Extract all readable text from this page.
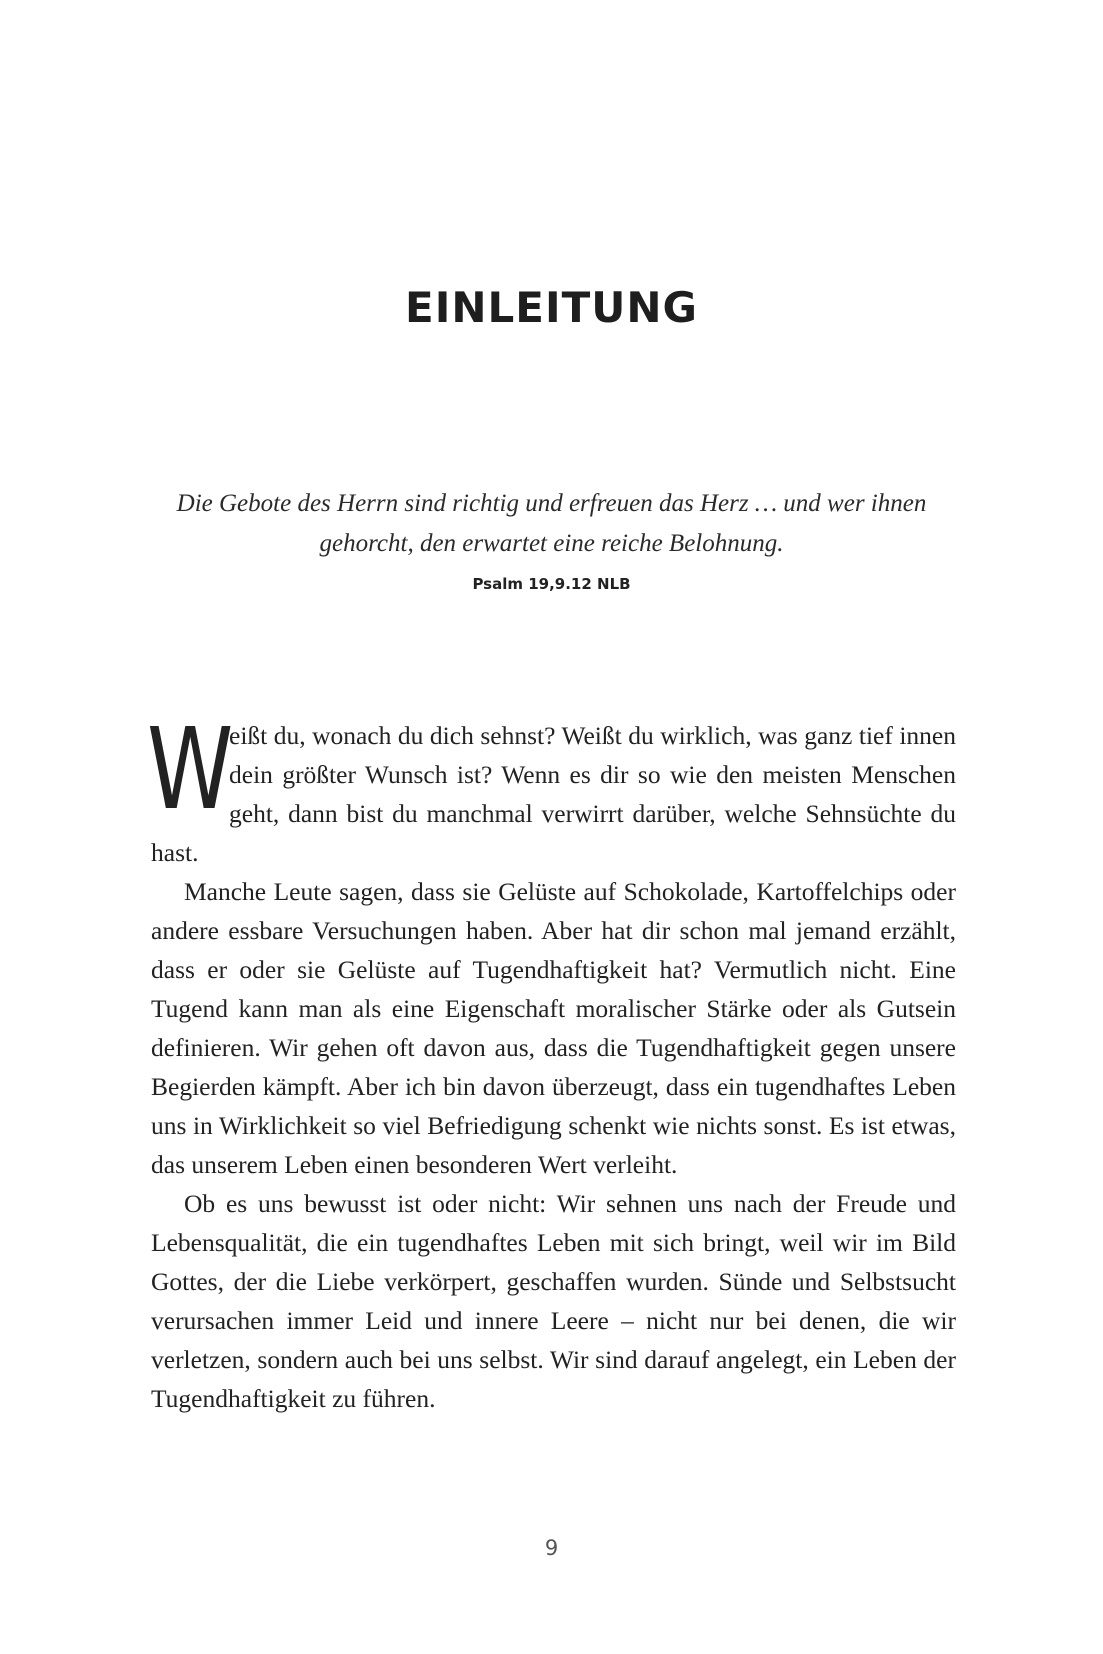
EINLEITUNG

Die Gebote des Herrn sind richtig und erfreuen das Herz … und wer ihnen gehorcht, den erwartet eine reiche Belohnung.

Psalm 19,9.12 NLB

W
eißt du, wonach du dich sehnst? Weißt du wirklich, was ganz tief innen dein größter Wunsch ist? Wenn es dir so wie den meisten Menschen geht, dann bist du manchmal verwirrt darüber, welche Sehnsüchte du hast.

Manche Leute sagen, dass sie Gelüste auf Schokolade, Kartoffelchips oder andere essbare Versuchungen haben. Aber hat dir schon mal jemand erzählt, dass er oder sie Gelüste auf Tugendhaftigkeit hat? Vermutlich nicht. Eine Tugend kann man als eine Eigenschaft moralischer Stärke oder als Gutsein definieren. Wir gehen oft davon aus, dass die Tugendhaftigkeit gegen unsere Begierden kämpft. Aber ich bin davon überzeugt, dass ein tugendhaftes Leben uns in Wirklichkeit so viel Befriedigung schenkt wie nichts sonst. Es ist etwas, das unserem Leben einen besonderen Wert verleiht.

Ob es uns bewusst ist oder nicht: Wir sehnen uns nach der Freude und Lebensqualität, die ein tugendhaftes Leben mit sich bringt, weil wir im Bild Gottes, der die Liebe verkörpert, geschaffen wurden. Sünde und Selbstsucht verursachen immer Leid und innere Leere – nicht nur bei denen, die wir verletzen, sondern auch bei uns selbst. Wir sind darauf angelegt, ein Leben der Tugendhaftigkeit zu führen.

9
